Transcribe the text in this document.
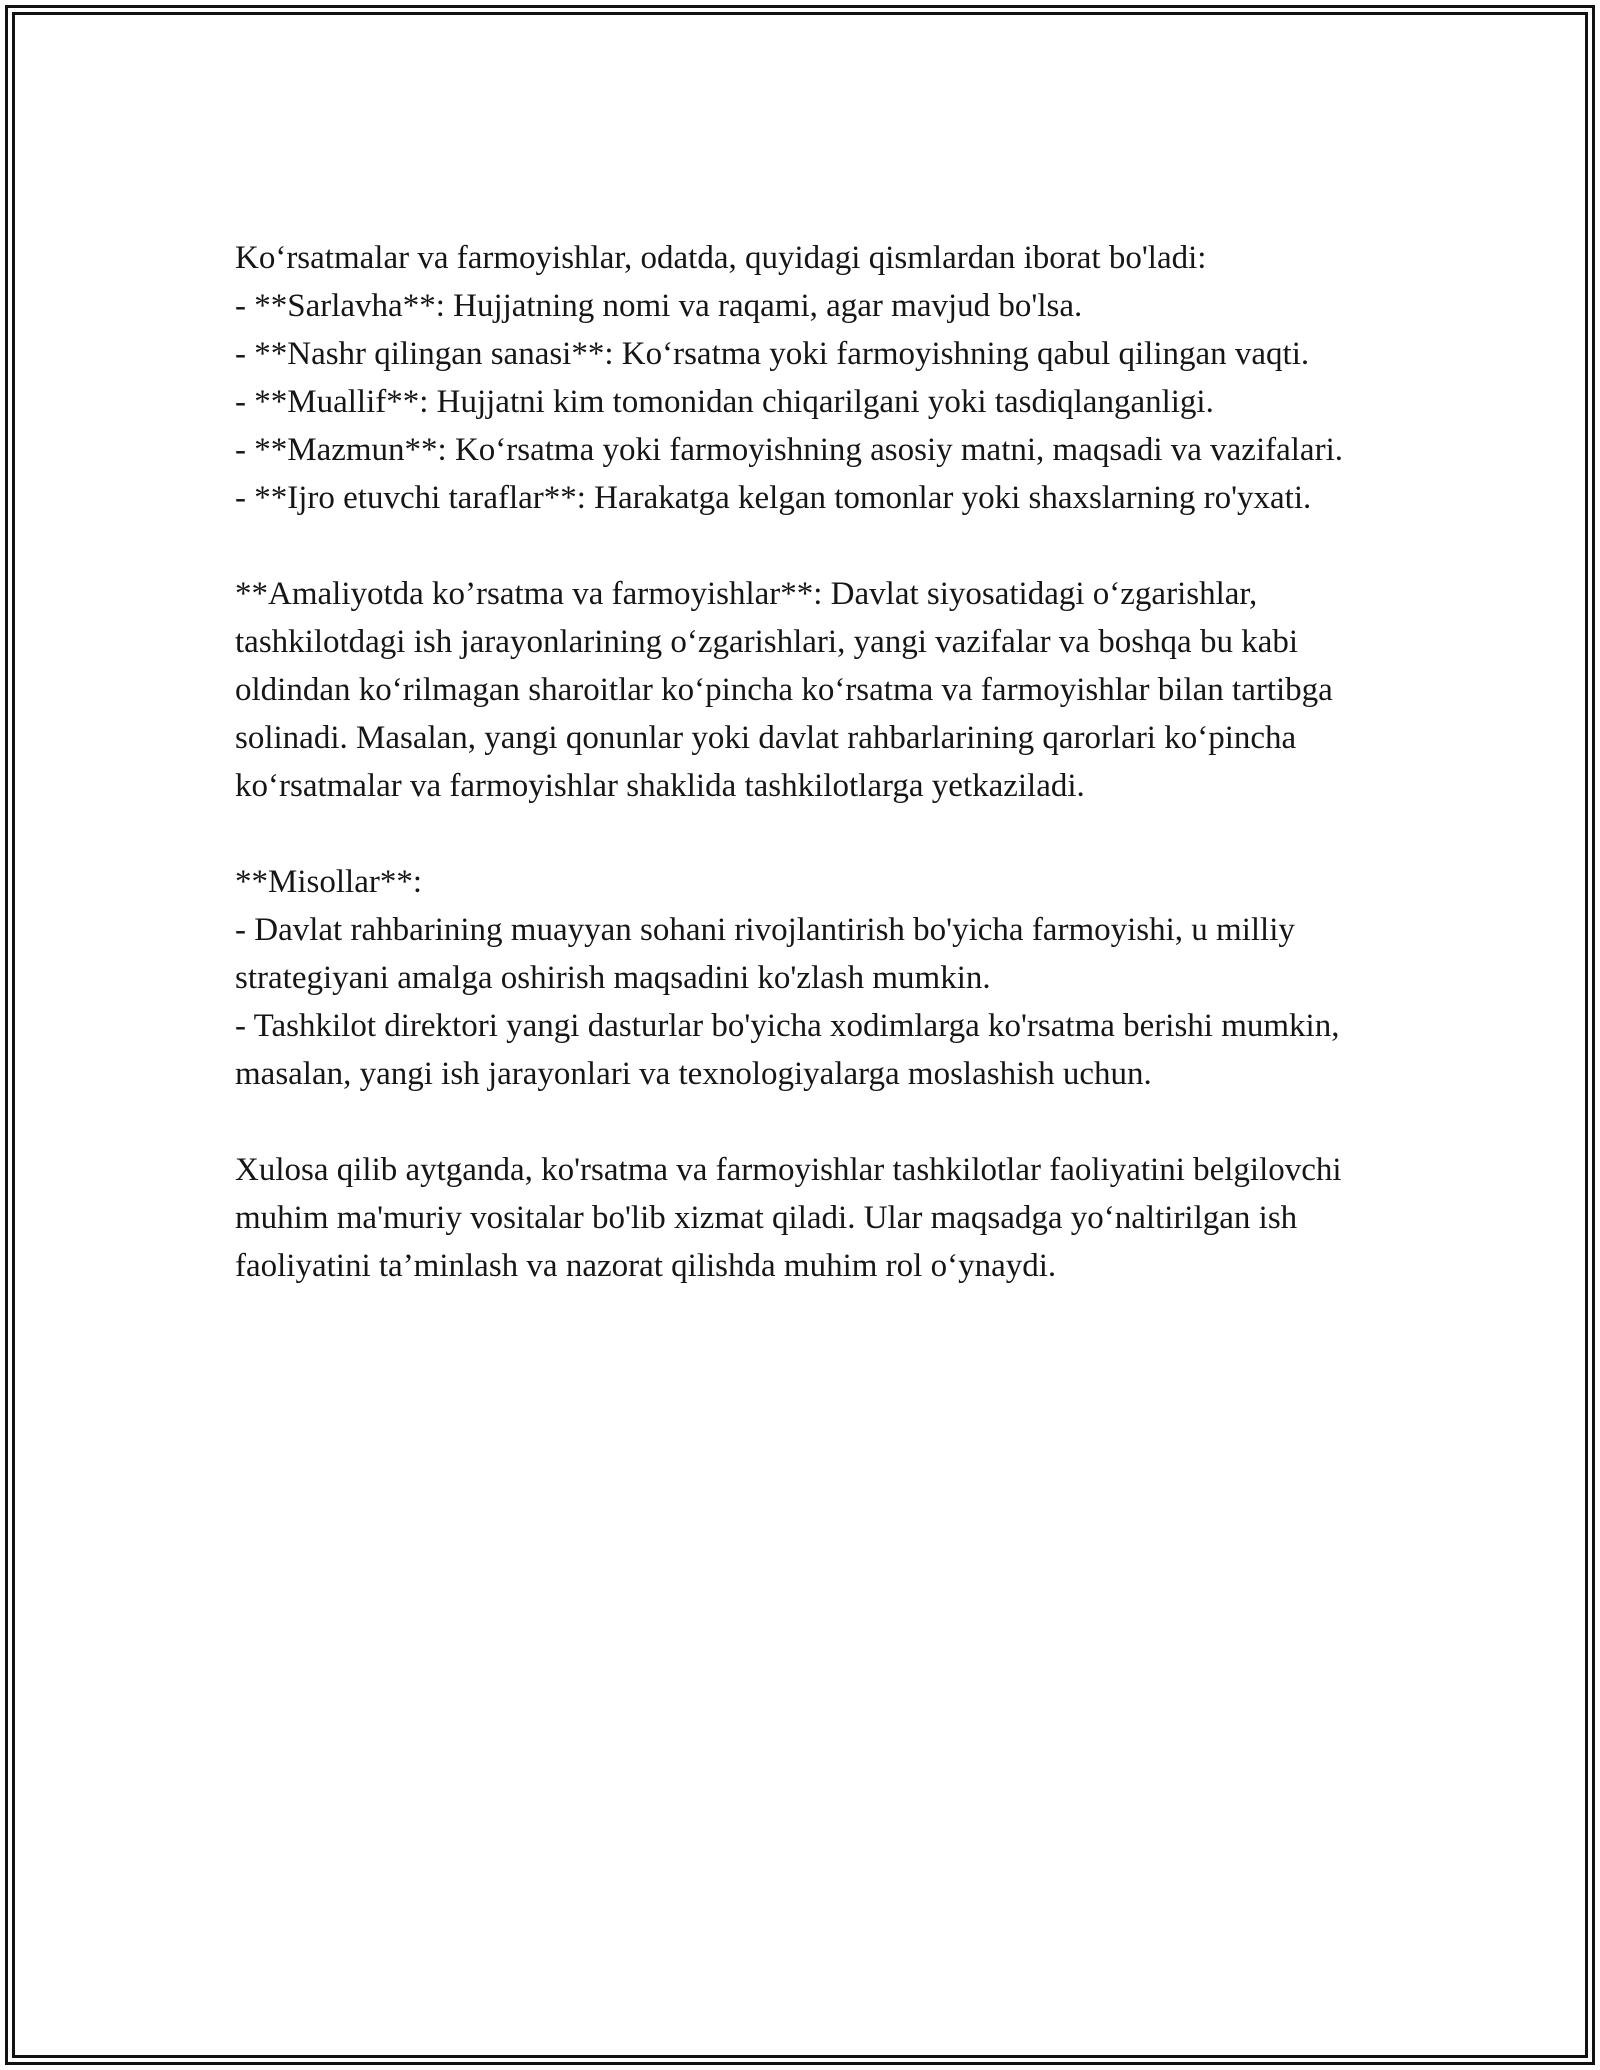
Ko‘rsatmalar va farmoyishlar, odatda, quyidagi qismlardan iborat bo'ladi:

- **Sarlavha**: Hujjatning nomi va raqami, agar mavjud bo'lsa.

- **Nashr qilingan sanasi**: Ko‘rsatma yoki farmoyishning qabul qilingan vaqti.

- **Muallif**: Hujjatni kim tomonidan chiqarilgani yoki tasdiqlanganligi.

- **Mazmun**: Ko‘rsatma yoki farmoyishning asosiy matni, maqsadi va vazifalari.

- **Ijro etuvchi taraflar**: Harakatga kelgan tomonlar yoki shaxslarning ro'yxati.

**Amaliyotda ko’rsatma va farmoyishlar**: Davlat siyosatidagi o‘zgarishlar, tashkilotdagi ish jarayonlarining o‘zgarishlari, yangi vazifalar va boshqa bu kabi oldindan ko‘rilmagan sharoitlar ko‘pincha ko‘rsatma va farmoyishlar bilan tartibga solinadi. Masalan, yangi qonunlar yoki davlat rahbarlarining qarorlari ko‘pincha ko‘rsatmalar va farmoyishlar shaklida tashkilotlarga yetkaziladi.

**Misollar**:

- Davlat rahbarining muayyan sohani rivojlantirish bo'yicha farmoyishi, u milliy strategiyani amalga oshirish maqsadini ko'zlash mumkin.

- Tashkilot direktori yangi dasturlar bo'yicha xodimlarga ko'rsatma berishi mumkin, masalan, yangi ish jarayonlari va texnologiyalarga moslashish uchun.

Xulosa qilib aytganda, ko'rsatma va farmoyishlar tashkilotlar faoliyatini belgilovchi muhim ma'muriy vositalar bo'lib xizmat qiladi. Ular maqsadga yo‘naltirilgan ish faoliyatini ta’minlash va nazorat qilishda muhim rol o‘ynaydi.
